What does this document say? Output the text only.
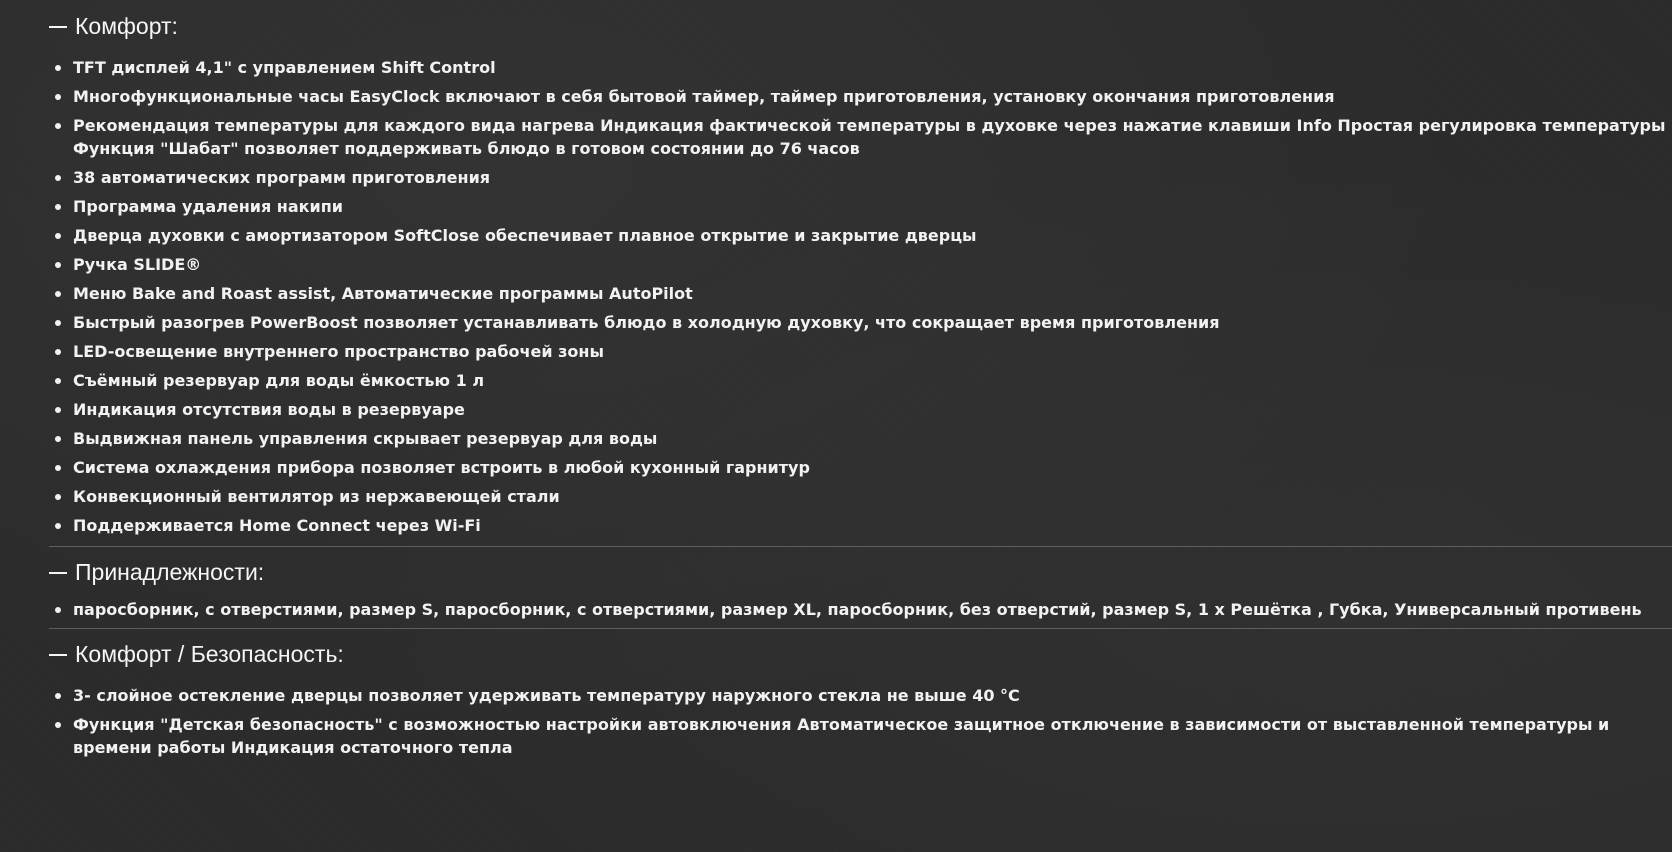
Комфорт:
TFT дисплей 4,1" с управлением Shift Control
Многофункциональные часы EasyClock включают в себя бытовой таймер, таймер приготовления, установку окончания приготовления
Рекомендация температуры для каждого вида нагрева Индикация фактической температуры в духовке через нажатие клавиши Info Простая регулировка температуры Функция "Шабат" позволяет поддерживать блюдо в готовом состоянии до 76 часов
38 автоматических программ приготовления
Программа удаления накипи
Дверца духовки с амортизатором SoftClose обеспечивает плавное открытие и закрытие дверцы
Ручка SLIDE®
Меню Bake and Roast assist, Автоматические программы AutoPilot
Быстрый разогрев PowerBoost позволяет устанавливать блюдо в холодную духовку, что сокращает время приготовления
LED-освещение внутреннего пространство рабочей зоны
Съёмный резервуар для воды ёмкостью 1 л
Индикация отсутствия воды в резервуаре
Выдвижная панель управления скрывает резервуар для воды
Система охлаждения прибора позволяет встроить в любой кухонный гарнитур
Конвекционный вентилятор из нержавеющей стали
Поддерживается Home Connect через Wi-Fi
Принадлежности:
паросборник, с отверстиями, размер S, паросборник, с отверстиями, размер XL, паросборник, без отверстий, размер S, 1 x Решётка , Губка, Универсальный противень
Комфорт / Безопасность:
3- слойное остекление дверцы позволяет удерживать температуру наружного стекла не выше 40 °C
Функция "Детская безопасность" с возможностью настройки автовключения Автоматическое защитное отключение в зависимости от выставленной температуры и времени работы Индикация остаточного тепла
